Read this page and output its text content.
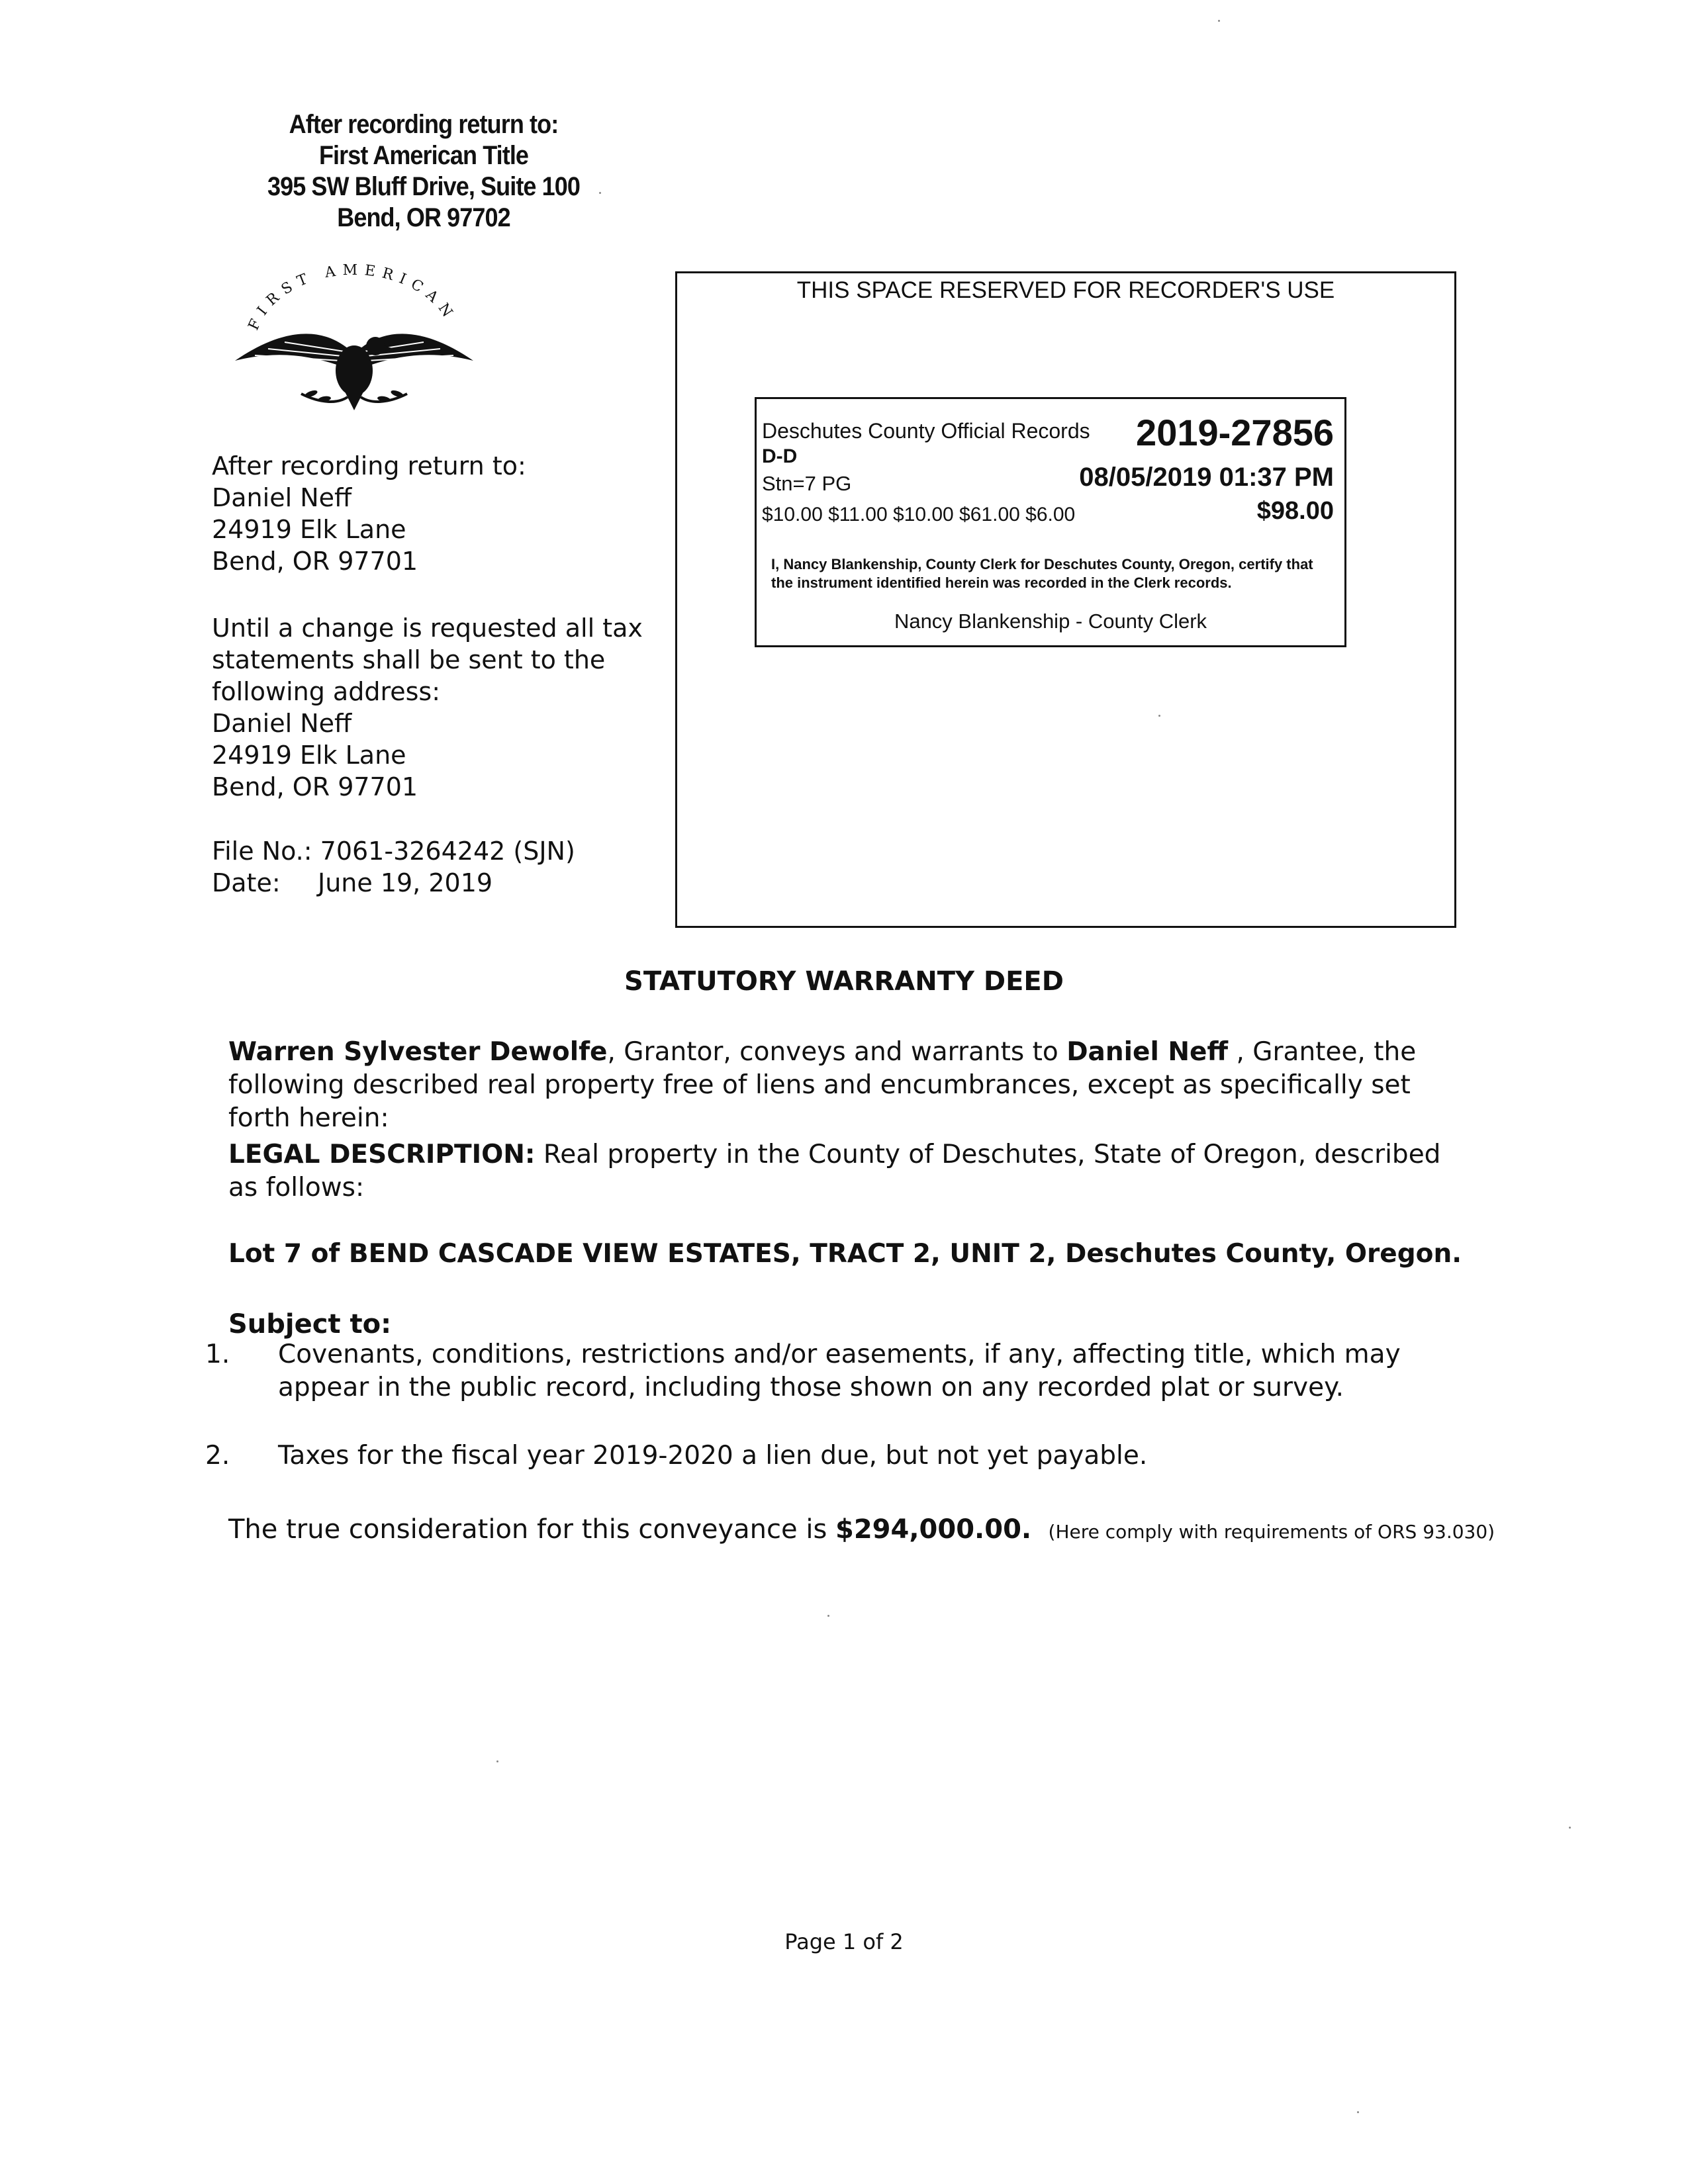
After recording return to:
First American Title
395 SW Bluff Drive, Suite 100
Bend, OR 97702
FIRST AMERICAN
After recording return to:
Daniel Neff
24919 Elk Lane
Bend, OR 97701
Until a change is requested all tax
statements shall be sent to the
following address:
Daniel Neff
24919 Elk Lane
Bend, OR 97701
File No.: 7061-3264242 (SJN)
Date: June 19, 2019
THIS SPACE RESERVED FOR RECORDER'S USE
Deschutes County Official Records 2019-27856
D-D
Stn=7 PG	08/05/2019 01:37 PM
$10.00 $11.00 $10.00 $61.00 $6.00	$98.00
I, Nancy Blankenship, County Clerk for Deschutes County, Oregon, certify that the instrument identified herein was recorded in the Clerk records.
Nancy Blankenship - County Clerk
STATUTORY WARRANTY DEED
Warren Sylvester Dewolfe, Grantor, conveys and warrants to Daniel Neff , Grantee, the following described real property free of liens and encumbrances, except as specifically set forth herein:
LEGAL DESCRIPTION: Real property in the County of Deschutes, State of Oregon, described as follows:
Lot 7 of BEND CASCADE VIEW ESTATES, TRACT 2, UNIT 2, Deschutes County, Oregon.
Subject to:
1. Covenants, conditions, restrictions and/or easements, if any, affecting title, which may appear in the public record, including those shown on any recorded plat or survey.
2. Taxes for the fiscal year 2019-2020 a lien due, but not yet payable.
The true consideration for this conveyance is $294,000.00. (Here comply with requirements of ORS 93.030)
Page 1 of 2
